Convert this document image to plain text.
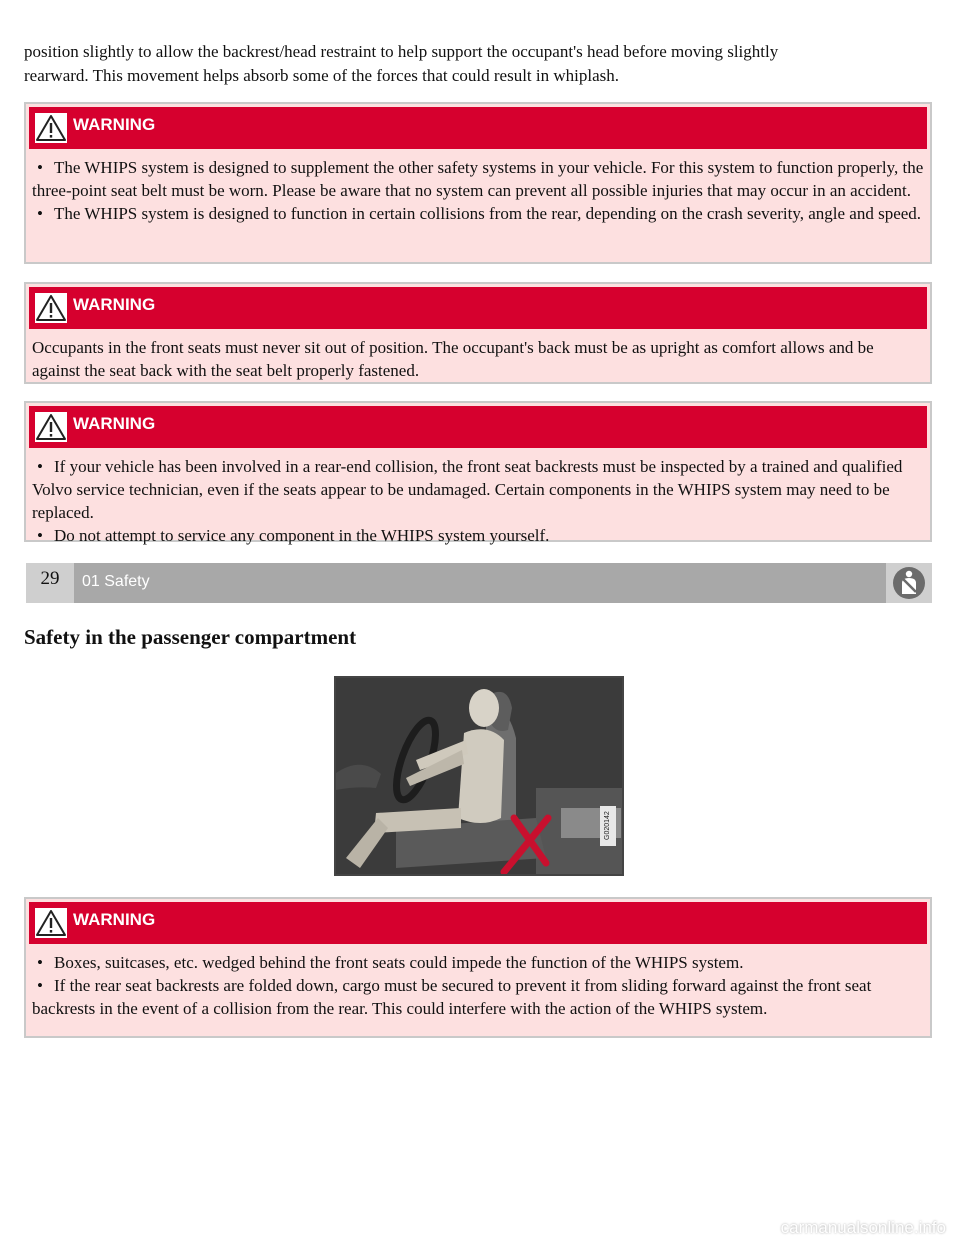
position slightly to allow the backrest/head restraint to help support the occupant's head before moving slightly
rearward. This movement helps absorb some of the forces that could result in whiplash.

WARNING
• The WHIPS system is designed to supplement the other safety systems in your vehicle. For this system to function properly, the three-point seat belt must be worn. Please be aware that no system can prevent all possible injuries that may occur in an accident.
• The WHIPS system is designed to function in certain collisions from the rear, depending on the crash severity, angle and speed.
WARNING
Occupants in the front seats must never sit out of position. The occupant's back must be as upright as comfort allows and be against the seat back with the seat belt properly fastened.
WARNING
• If your vehicle has been involved in a rear-end collision, the front seat backrests must be inspected by a trained and qualified Volvo service technician, even if the seats appear to be undamaged. Certain components in the WHIPS system may need to be replaced.
• Do not attempt to service any component in the WHIPS system yourself.
29	01 Safety
Safety in the passenger compartment
G020142
WARNING
• Boxes, suitcases, etc. wedged behind the front seats could impede the function of the WHIPS system.
• If the rear seat backrests are folded down, cargo must be secured to prevent it from sliding forward against the front seat backrests in the event of a collision from the rear. This could interfere with the action of the WHIPS system.
carmanualsonline.info
